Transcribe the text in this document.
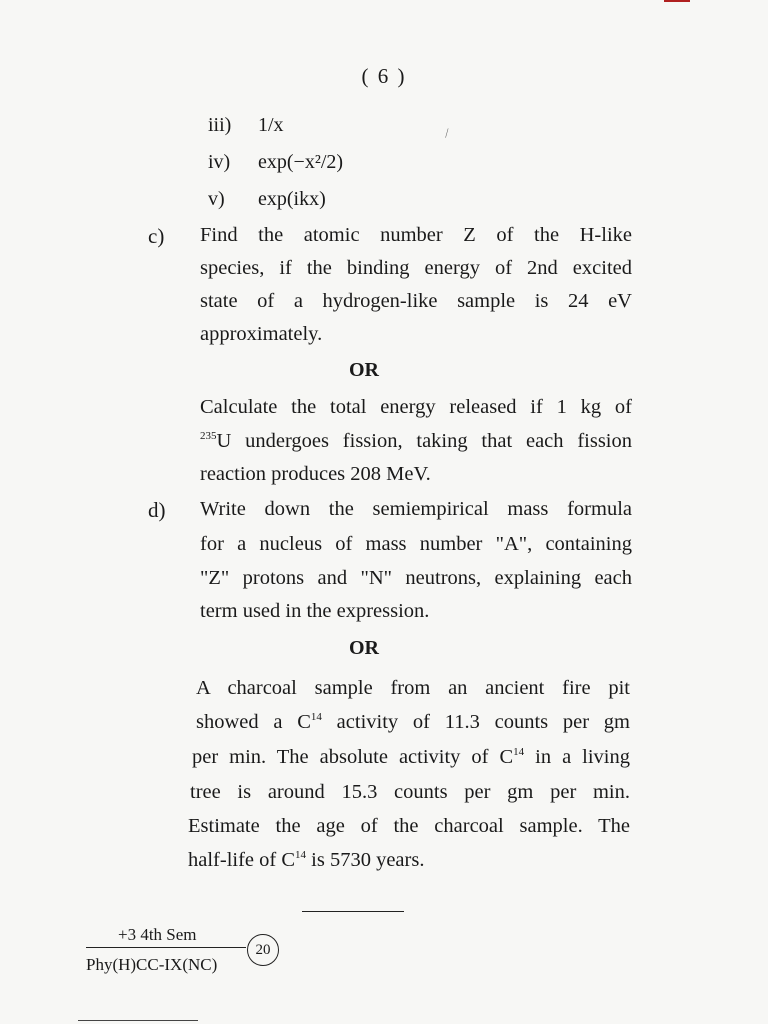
( 6 )
⁄
iii) 1/x
iv) exp(−x²/2)
v) exp(ikx)
c) Find the atomic number Z of the H-like
species, if the binding energy of 2nd excited
state of a hydrogen-like sample is 24 eV
approximately.
OR
Calculate the total energy released if 1 kg of
$^{235}$U undergoes fission, taking that each fission
reaction produces 208 MeV.
d) Write down the semiempirical mass formula
for a nucleus of mass number "A", containing
"Z" protons and "N" neutrons, explaining each
term used in the expression.
OR
A charcoal sample from an ancient fire pit
showed a $C^{14}$ activity of 11.3 counts per gm
per min. The absolute activity of $C^{14}$ in a living
tree is around 15.3 counts per gm per min.
Estimate the age of the charcoal sample. The
half-life of $C^{14}$ is 5730 years.
+3 4th Sem
Phy(H)CC-IX(NC)
20
